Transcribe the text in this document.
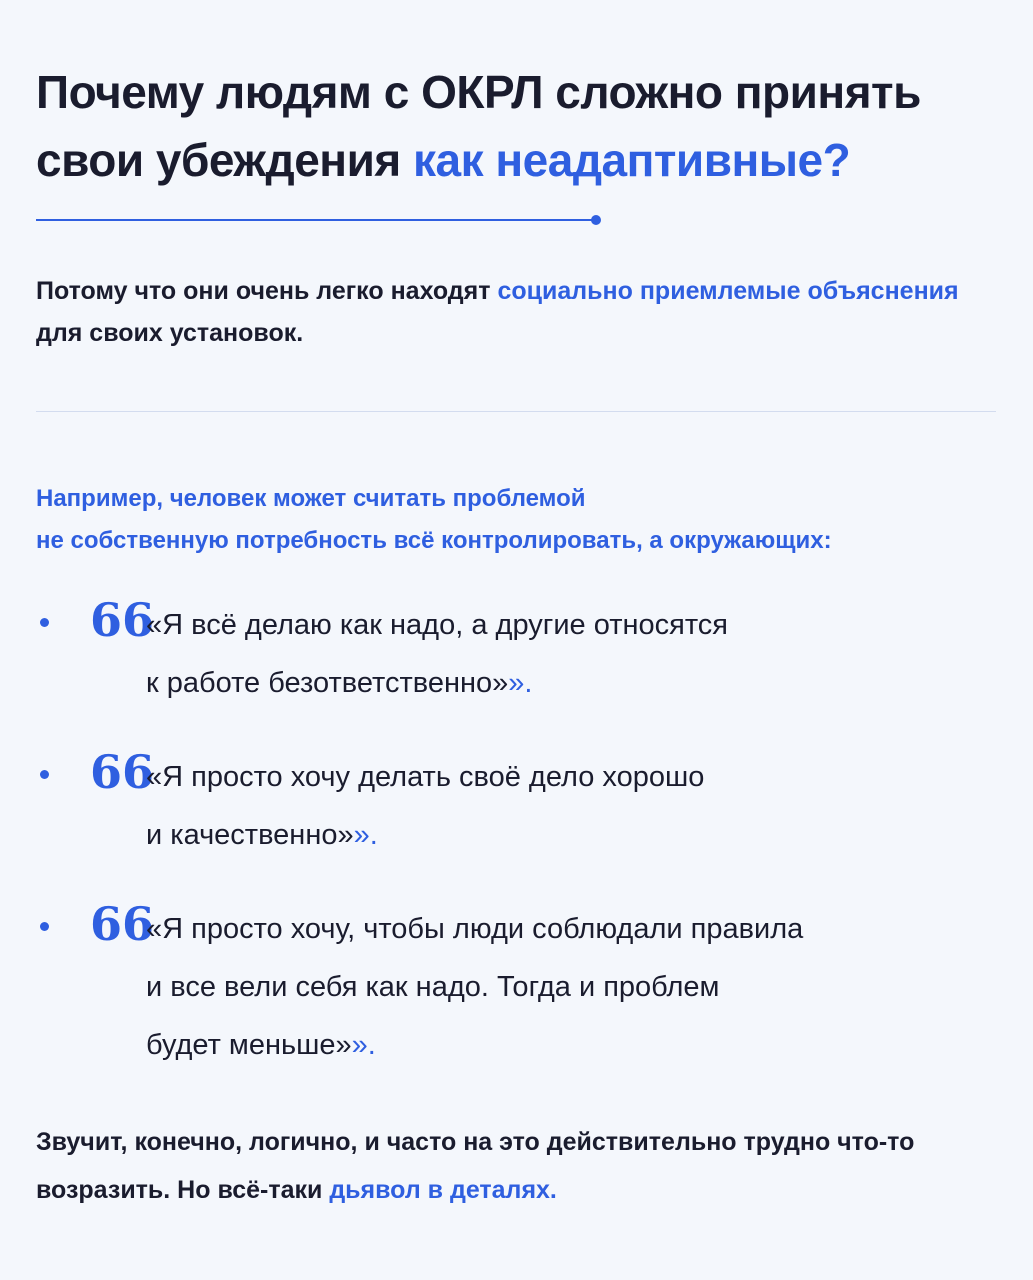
Почему людям с ОКРЛ сложно принять свои убеждения как неадаптивные?

Потому что они очень легко находят социально приемлемые объяснения для своих установок.

Например, человек может считать проблемой
не собственную потребность всё контролировать, а окружающих:

66
«Я всё делаю как надо, а другие относятся
к работе безответственно»».
66
«Я просто хочу делать своё дело хорошо
и качественно»».
66
«Я просто хочу, чтобы люди соблюдали правила
и все вели себя как надо. Тогда и проблем
будет меньше»».

Звучит, конечно, логично, и часто на это действительно трудно что-то возразить. Но всё-таки дьявол в деталях.
